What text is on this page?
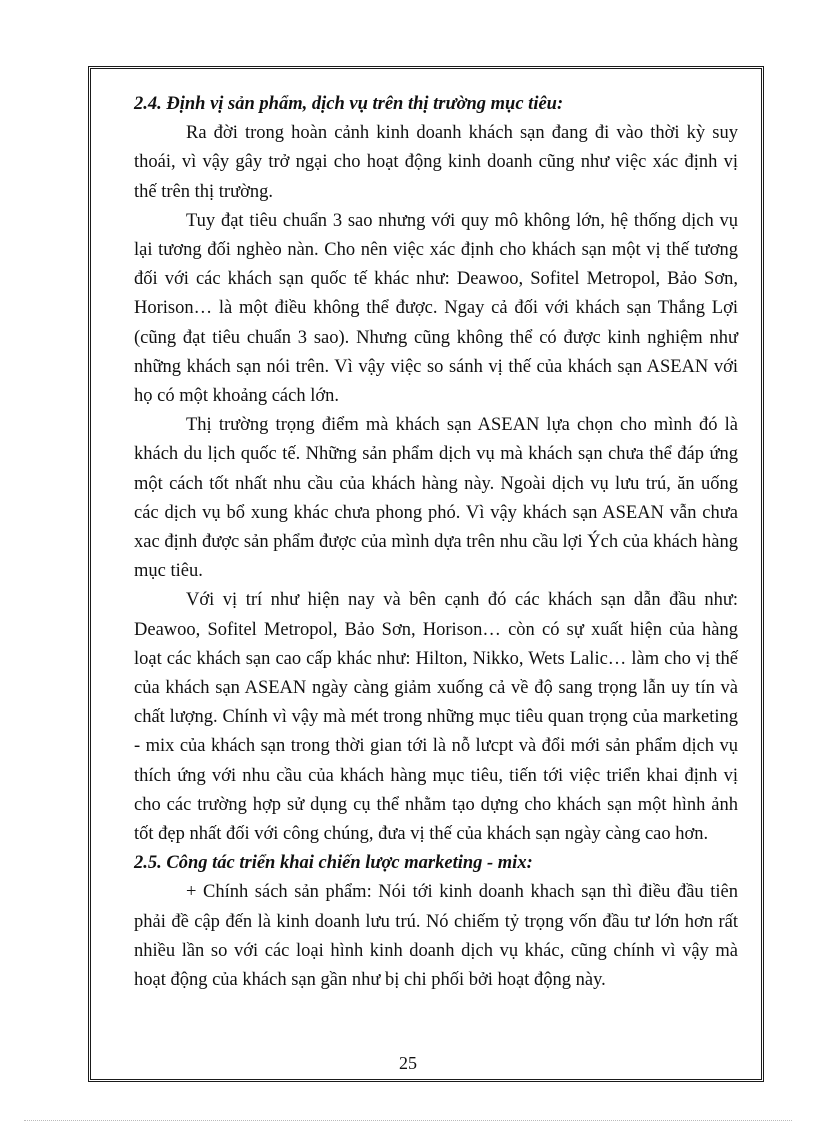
2.4. Định vị sản phẩm, dịch vụ trên thị trường mục tiêu:

Ra đời trong hoàn cảnh kinh doanh khách sạn đang đi vào thời kỳ suy thoái, vì vậy gây trở ngại cho hoạt động kinh doanh cũng như việc xác định vị thế trên thị trường.

Tuy đạt tiêu chuẩn 3 sao nhưng với quy mô không lớn, hệ thống dịch vụ lại tương đối nghèo nàn. Cho nên việc xác định cho khách sạn một vị thế tương đối với các khách sạn quốc tế khác như: Deawoo, Sofitel Metropol, Bảo Sơn, Horison… là một điều không thể được. Ngay cả đối với khách sạn Thắng Lợi (cũng đạt tiêu chuẩn 3 sao). Nhưng cũng không thể có được kinh nghiệm như những khách sạn nói trên. Vì vậy việc so sánh vị thế của khách sạn ASEAN với họ có một khoảng cách lớn.

Thị trường trọng điểm mà khách sạn ASEAN lựa chọn cho mình đó là khách du lịch quốc tế. Những sản phẩm dịch vụ mà khách sạn chưa thể đáp ứng một cách tốt nhất nhu cầu của khách hàng này. Ngoài dịch vụ lưu trú, ăn uống các dịch vụ bổ xung khác chưa phong phó. Vì vậy khách sạn ASEAN vẫn chưa xac định được sản phẩm được của mình dựa trên nhu cầu lợi Ých của khách hàng mục tiêu.

Với vị trí như hiện nay và bên cạnh đó các khách sạn dẫn đầu như: Deawoo, Sofitel Metropol, Bảo Sơn, Horison… còn có sự xuất hiện của hàng loạt các khách sạn cao cấp khác như: Hilton, Nikko, Wets Lalic… làm cho vị thế của khách sạn ASEAN ngày càng giảm xuống cả về độ sang trọng lẫn uy tín và chất lượng. Chính vì vậy mà mét trong những mục tiêu quan trọng của marketing - mix của khách sạn trong thời gian tới là nỗ lưcpt và đổi mới sản phẩm dịch vụ thích ứng với nhu cầu của khách hàng mục tiêu, tiến tới việc triển khai định vị cho các trường hợp sử dụng cụ thể nhằm tạo dựng cho khách sạn một hình ảnh tốt đẹp nhất đối với công chúng, đưa vị thế của khách sạn ngày càng cao hơn.

2.5. Công tác triển khai chiến lược marketing - mix:

+ Chính sách sản phẩm: Nói tới kinh doanh khach sạn thì điều đầu tiên phải đề cập đến là kinh doanh lưu trú. Nó chiếm tỷ trọng vốn đầu tư lớn hơn rất nhiều lần so với các loại hình kinh doanh dịch vụ khác, cũng chính vì vậy mà hoạt động của khách sạn gần như bị chi phối bởi hoạt động này.

25
